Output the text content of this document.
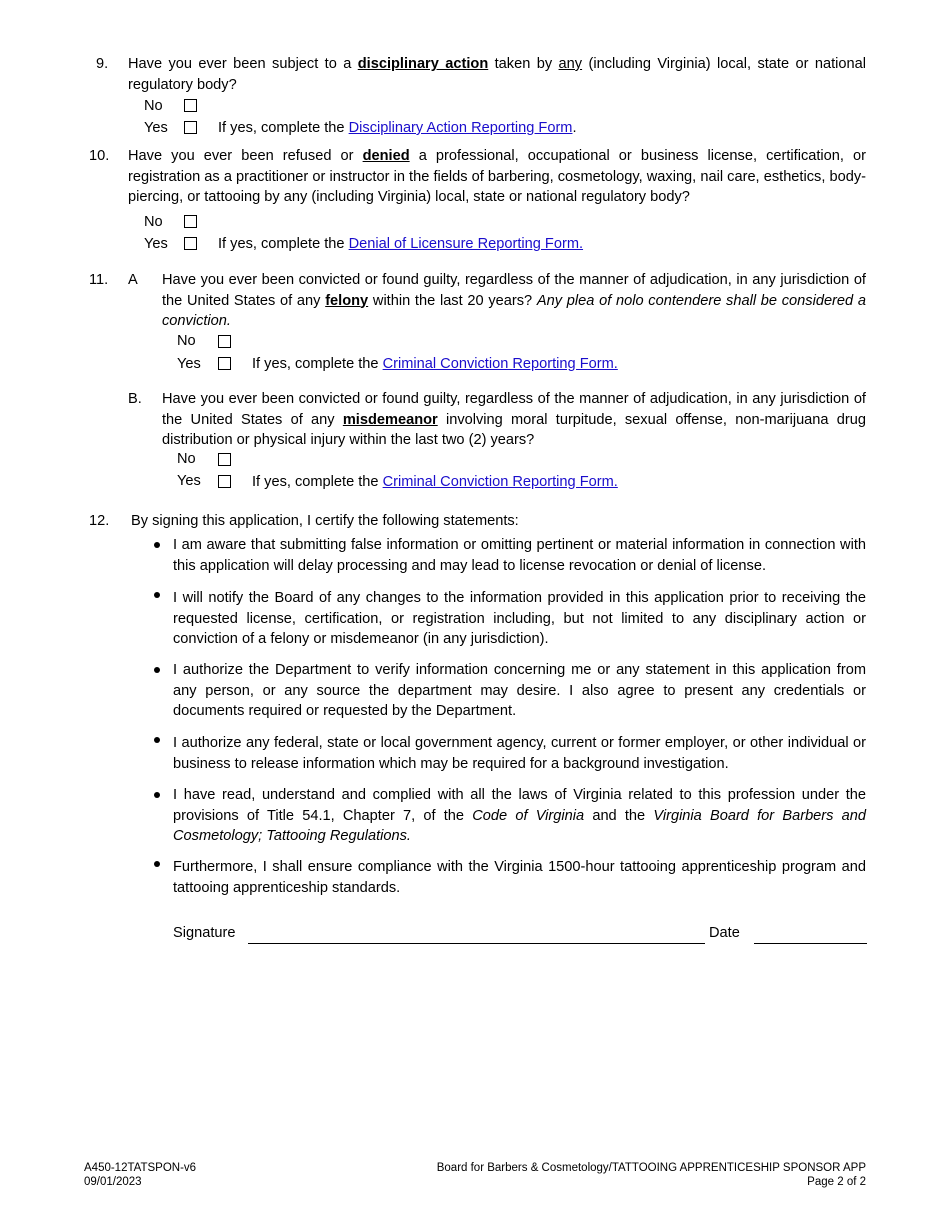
9. Have you ever been subject to a disciplinary action taken by any (including Virginia) local, state or national regulatory body?
No
Yes	If yes, complete the Disciplinary Action Reporting Form.
10. Have you ever been refused or denied a professional, occupational or business license, certification, or registration as a practitioner or instructor in the fields of barbering, cosmetology, waxing, nail care, esthetics, body-piercing, or tattooing by any (including Virginia) local, state or national regulatory body?
No
Yes	If yes, complete the Denial of Licensure Reporting Form.
11. A Have you ever been convicted or found guilty, regardless of the manner of adjudication, in any jurisdiction of the United States of any felony within the last 20 years? Any plea of nolo contendere shall be considered a conviction.
No
Yes	If yes, complete the Criminal Conviction Reporting Form.
B. Have you ever been convicted or found guilty, regardless of the manner of adjudication, in any jurisdiction of the United States of any misdemeanor involving moral turpitude, sexual offense, non-marijuana drug distribution or physical injury within the last two (2) years?
No
Yes	If yes, complete the Criminal Conviction Reporting Form.
12. By signing this application, I certify the following statements:
I am aware that submitting false information or omitting pertinent or material information in connection with this application will delay processing and may lead to license revocation or denial of license.
I will notify the Board of any changes to the information provided in this application prior to receiving the requested license, certification, or registration including, but not limited to any disciplinary action or conviction of a felony or misdemeanor (in any jurisdiction).
I authorize the Department to verify information concerning me or any statement in this application from any person, or any source the department may desire. I also agree to present any credentials or documents required or requested by the Department.
I authorize any federal, state or local government agency, current or former employer, or other individual or business to release information which may be required for a background investigation.
I have read, understand and complied with all the laws of Virginia related to this profession under the provisions of Title 54.1, Chapter 7, of the Code of Virginia and the Virginia Board for Barbers and Cosmetology; Tattooing Regulations.
Furthermore, I shall ensure compliance with the Virginia 1500-hour tattooing apprenticeship program and tattooing apprenticeship standards.
Signature	Date
A450-12TATSPON-v6
09/01/2023
Board for Barbers & Cosmetology/TATTOOING APPRENTICESHIP SPONSOR APP
Page 2 of 2
